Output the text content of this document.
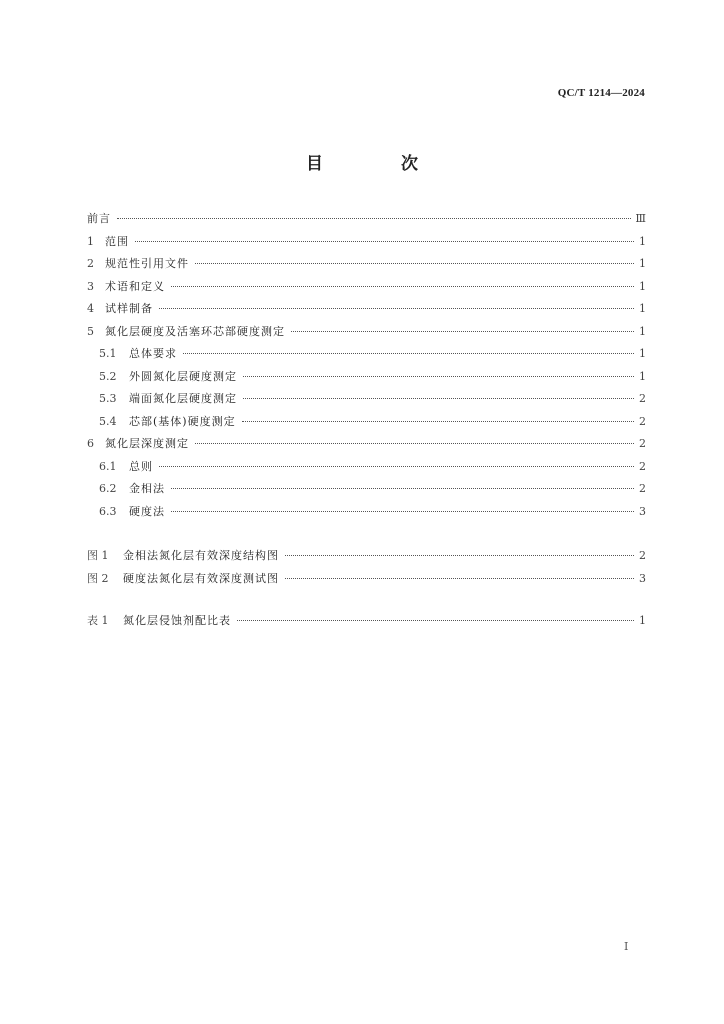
QC/T 1214—2024
目 次
前言	Ⅲ
1	范围	1
2	规范性引用文件	1
3	术语和定义	1
4	试样制备	1
5	氮化层硬度及活塞环芯部硬度测定	1
5.1	总体要求	1
5.2	外圆氮化层硬度测定	1
5.3	端面氮化层硬度测定	2
5.4	芯部(基体)硬度测定	2
6	氮化层深度测定	2
6.1	总则	2
6.2	金相法	2
6.3	硬度法	3
图 1	金相法氮化层有效深度结构图	2
图 2	硬度法氮化层有效深度测试图	3
表 1	氮化层侵蚀剂配比表	1
Ⅰ
